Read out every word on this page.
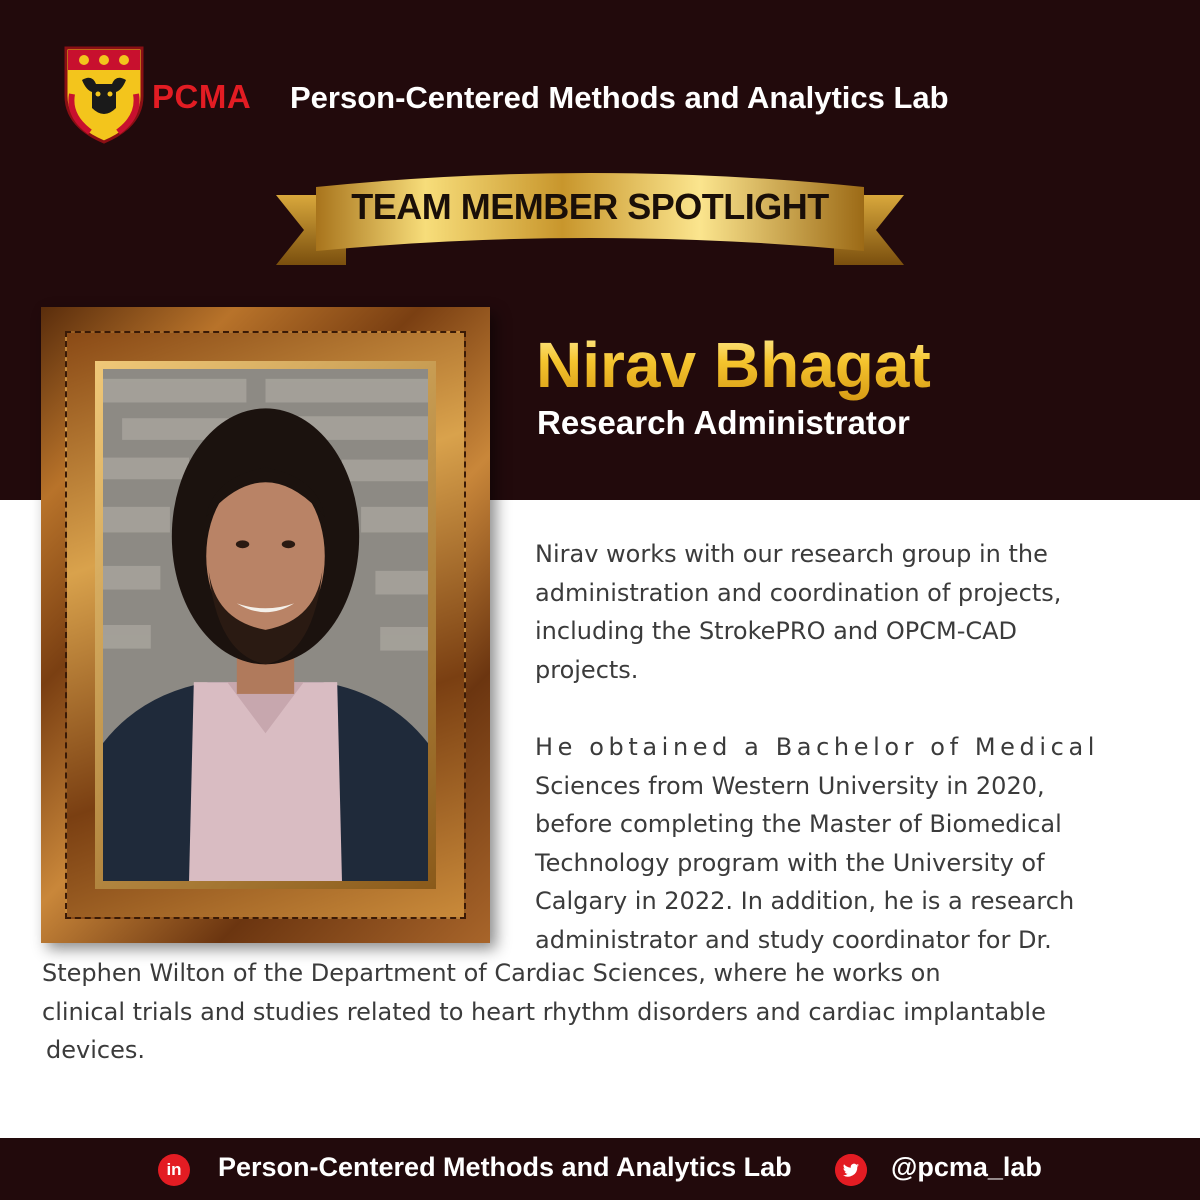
PCMA Person-Centered Methods and Analytics Lab
TEAM MEMBER SPOTLIGHT
Nirav Bhagat
Research Administrator
Nirav works with our research group in the
administration and coordination of projects,
including the StrokePRO and OPCM-CAD
projects.
He obtained a Bachelor of Medical
Sciences from Western University in 2020,
before completing the Master of Biomedical
Technology program with the University of
Calgary in 2022. In addition, he is a research
administrator and study coordinator for Dr.
Stephen Wilton of the Department of Cardiac Sciences, where he works on
clinical trials and studies related to heart rhythm disorders and cardiac implantable
devices.
in	Person-Centered Methods and Analytics Lab	@pcma_lab
